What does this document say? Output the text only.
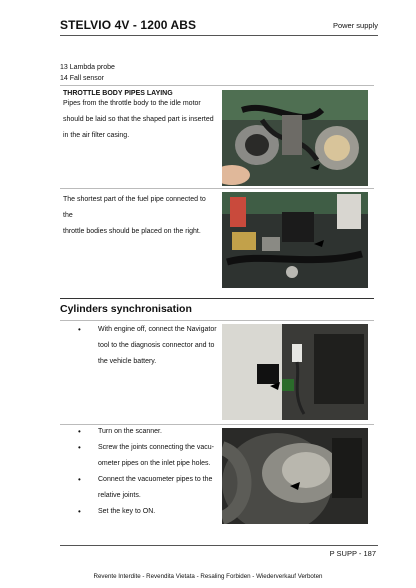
STELVIO 4V - 1200 ABS	Power supply
13 Lambda probe
14 Fall sensor
THROTTLE BODY PIPES LAYING
Pipes from the throttle body to the idle motor
should be laid so that the shaped part is inserted
in the air filter casing.
The shortest part of the fuel pipe connected to the
throttle bodies should be placed on the right.
Cylinders synchronisation
• With engine off, connect the Navigator
tool to the diagnosis connector and to
the vehicle battery.
• Turn on the scanner.
• Screw the joints connecting the vacu-
ometer pipes on the inlet pipe holes.
• Connect the vacuometer pipes to the
relative joints.
• Set the key to ON.
P SUPP - 187
Revente Interdite - Revendita Vietata - Resaling Forbiden - Wiederverkauf Verboten
